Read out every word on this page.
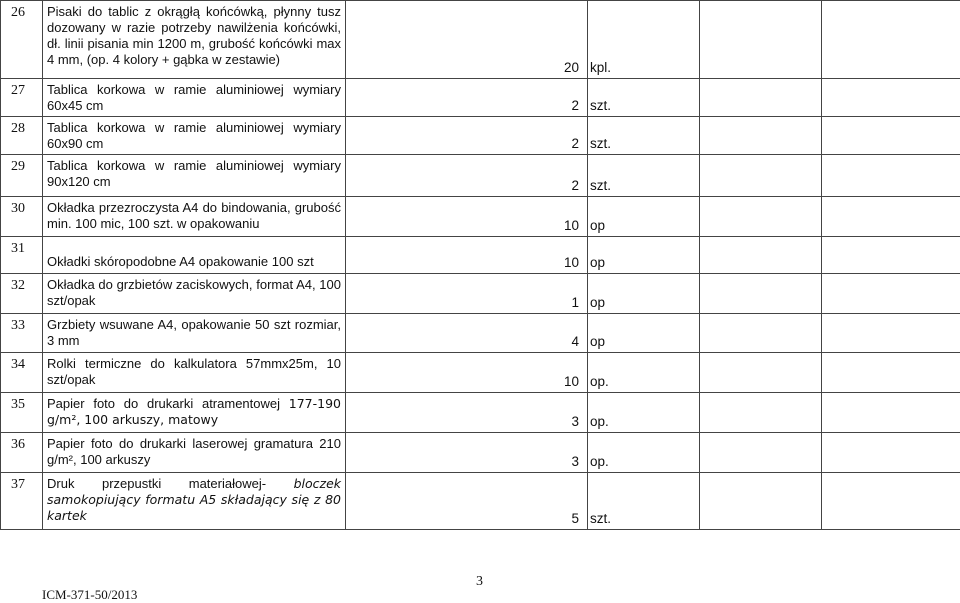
26	Pisaki do tablic z okrągłą końcówką, płynny tusz dozowany w razie potrzeby nawilżenia końcówki, dł. linii pisania min 1200 m, grubość końcówki max 4 mm, (op. 4 kolory + gąbka w zestawie)	20	kpl.		
27	Tablica korkowa w ramie aluminiowej wymiary 60x45 cm	2	szt.		
28	Tablica korkowa w ramie aluminiowej wymiary 60x90 cm	2	szt.		
29	Tablica korkowa w ramie aluminiowej wymiary 90x120 cm	2	szt.		
30	Okładka przezroczysta A4 do bindowania, grubość min. 100 mic, 100 szt. w opakowaniu	10	op		
31	Okładki skóropodobne A4 opakowanie 100 szt	10	op		
32	Okładka do grzbietów zaciskowych, format A4, 100 szt/opak	1	op		
33	Grzbiety wsuwane A4, opakowanie 50 szt rozmiar, 3 mm	4	op		
34	Rolki termiczne do kalkulatora 57mmx25m, 10 szt/opak	10	op.		
35	Papier foto do drukarki atramentowej 177-190 g/m², 100 arkuszy, matowy	3	op.		
36	Papier foto do drukarki laserowej gramatura 210 g/m², 100 arkuszy	3	op.		
37	Druk przepustki materiałowej- bloczek samokopiujący formatu A5 składający się z 80 kartek	5	szt.		
3
ICM-371-50/2013
